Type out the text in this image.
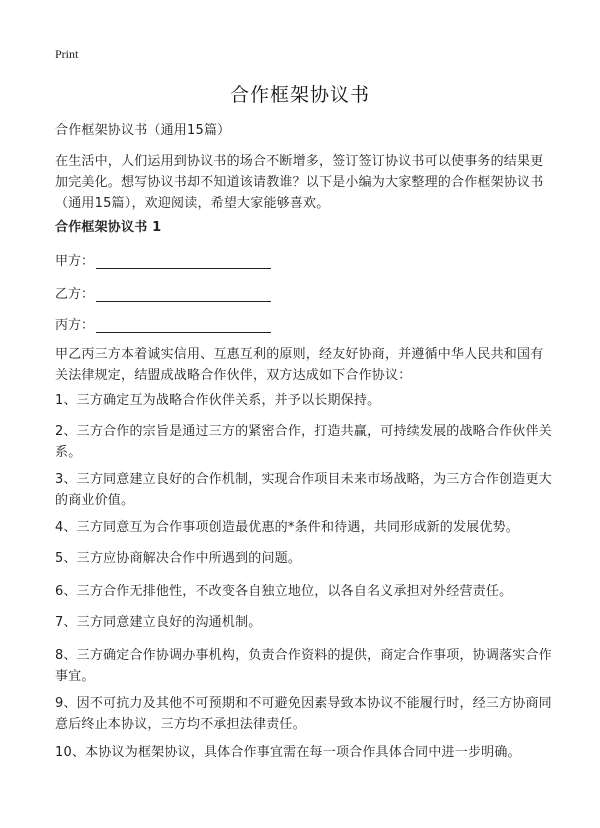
Print
合作框架协议书
合作框架协议书（通用15篇）
在生活中，人们运用到协议书的场合不断增多，签订签订协议书可以使事务的结果更加完美化。想写协议书却不知道该请教谁？以下是小编为大家整理的合作框架协议书（通用15篇），欢迎阅读，希望大家能够喜欢。
合作框架协议书 1
甲方：
乙方：
丙方：
甲乙丙三方本着诚实信用、互惠互利的原则，经友好协商，并遵循中华人民共和国有关法律规定，结盟成战略合作伙伴，双方达成如下合作协议：
1、三方确定互为战略合作伙伴关系，并予以长期保持。
2、三方合作的宗旨是通过三方的紧密合作，打造共赢，可持续发展的战略合作伙伴关系。
3、三方同意建立良好的合作机制，实现合作项目未来市场战略，为三方合作创造更大的商业价值。
4、三方同意互为合作事项创造最优惠的*条件和待遇，共同形成新的发展优势。
5、三方应协商解决合作中所遇到的问题。
6、三方合作无排他性，不改变各自独立地位，以各自名义承担对外经营责任。
7、三方同意建立良好的沟通机制。
8、三方确定合作协调办事机构，负责合作资料的提供，商定合作事项，协调落实合作事宜。
9、因不可抗力及其他不可预期和不可避免因素导致本协议不能履行时，经三方协商同意后终止本协议，三方均不承担法律责任。
10、本协议为框架协议，具体合作事宜需在每一项合作具体合同中进一步明确。
